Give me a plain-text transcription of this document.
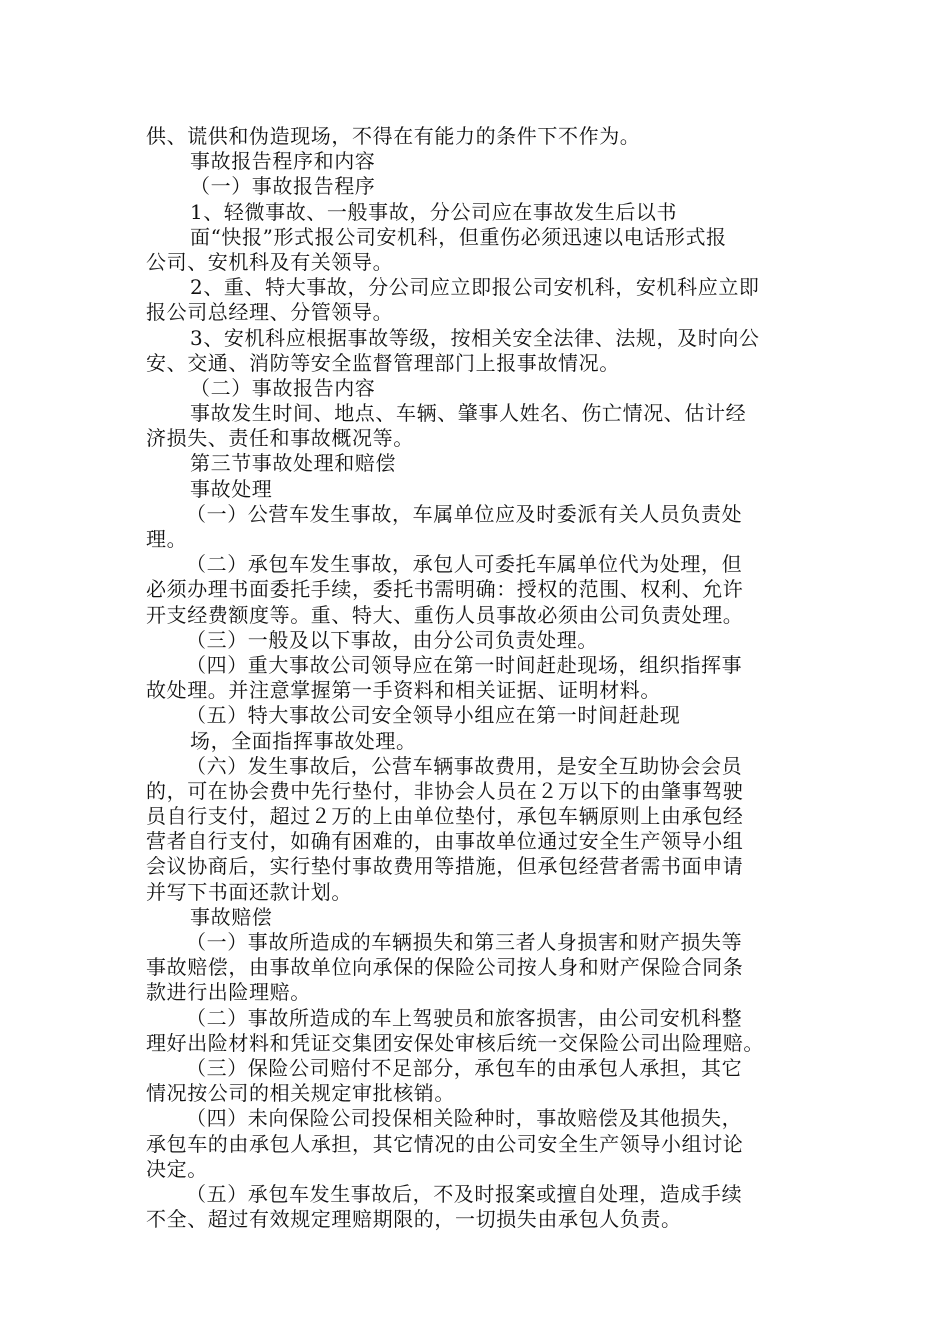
供、谎供和伪造现场，不得在有能力的条件下不作为。
事故报告程序和内容
（一）事故报告程序
1、轻微事故、一般事故，分公司应在事故发生后以书
面“快报”形式报公司安机科，但重伤必须迅速以电话形式报
公司、安机科及有关领导。
2、重、特大事故，分公司应立即报公司安机科，安机科应立即
报公司总经理、分管领导。
3、安机科应根据事故等级，按相关安全法律、法规，及时向公
安、交通、消防等安全监督管理部门上报事故情况。
（二）事故报告内容
事故发生时间、地点、车辆、肇事人姓名、伤亡情况、估计经
济损失、责任和事故概况等。
第三节事故处理和赔偿
事故处理
（一）公营车发生事故，车属单位应及时委派有关人员负责处
理。
（二）承包车发生事故，承包人可委托车属单位代为处理，但
必须办理书面委托手续，委托书需明确：授权的范围、权利、允许
开支经费额度等。重、特大、重伤人员事故必须由公司负责处理。
（三）一般及以下事故，由分公司负责处理。
（四）重大事故公司领导应在第一时间赶赴现场，组织指挥事
故处理。并注意掌握第一手资料和相关证据、证明材料。
（五）特大事故公司安全领导小组应在第一时间赶赴现
场，全面指挥事故处理。
（六）发生事故后，公营车辆事故费用，是安全互助协会会员
的，可在协会费中先行垫付，非协会人员在２万以下的由肇事驾驶
员自行支付，超过２万的上由单位垫付，承包车辆原则上由承包经
营者自行支付，如确有困难的，由事故单位通过安全生产领导小组
会议协商后，实行垫付事故费用等措施，但承包经营者需书面申请
并写下书面还款计划。
事故赔偿
（一）事故所造成的车辆损失和第三者人身损害和财产损失等
事故赔偿，由事故单位向承保的保险公司按人身和财产保险合同条
款进行出险理赔。
（二）事故所造成的车上驾驶员和旅客损害，由公司安机科整
理好出险材料和凭证交集团安保处审核后统一交保险公司出险理赔。
（三）保险公司赔付不足部分，承包车的由承包人承担，其它
情况按公司的相关规定审批核销。
（四）未向保险公司投保相关险种时，事故赔偿及其他损失，
承包车的由承包人承担，其它情况的由公司安全生产领导小组讨论
决定。
（五）承包车发生事故后，不及时报案或擅自处理，造成手续
不全、超过有效规定理赔期限的，一切损失由承包人负责。
